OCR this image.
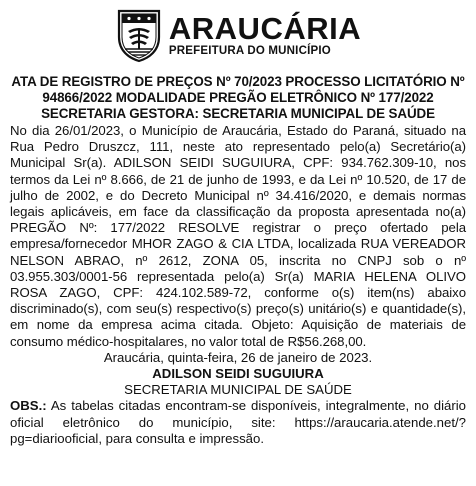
ARAUCÁRIA
PREFEITURA DO MUNICÍPIO

ATA DE REGISTRO DE PREÇOS Nº 70/2023 PROCESSO LICITATÓRIO Nº 94866/2022 MODALIDADE PREGÃO ELETRÔNICO Nº 177/2022 SECRETARIA GESTORA: SECRETARIA MUNICIPAL DE SAÚDE

No dia 26/01/2023, o Município de Araucária, Estado do Paraná, situado na Rua Pedro Druszcz, 111, neste ato representado pelo(a) Secretário(a) Municipal Sr(a). ADILSON SEIDI SUGUIURA, CPF: 934.762.309-10, nos termos da Lei nº 8.666, de 21 de junho de 1993, e da Lei nº 10.520, de 17 de julho de 2002, e do Decreto Municipal nº 34.416/2020, e demais normas legais aplicáveis, em face da classificação da proposta apresentada no(a) PREGÃO Nº: 177/2022 RESOLVE registrar o preço ofertado pela empresa/fornecedor MHOR ZAGO & CIA LTDA, localizada RUA VEREADOR NELSON ABRAO, nº 2612, ZONA 05, inscrita no CNPJ sob o nº 03.955.303/0001-56 representada pelo(a) Sr(a) MARIA HELENA OLIVO ROSA ZAGO, CPF: 424.102.589-72, conforme o(s) item(ns) abaixo discriminado(s), com seu(s) respectivo(s) preço(s) unitário(s) e quantidade(s), em nome da empresa acima citada. Objeto: Aquisição de materiais de consumo médico-hospitalares, no valor total de R$56.268,00.

Araucária, quinta-feira, 26 de janeiro de 2023.

ADILSON SEIDI SUGUIURA

SECRETARIA MUNICIPAL DE SAÚDE

OBS.: As tabelas citadas encontram-se disponíveis, integralmente, no diário oficial eletrônico do município, site: https://araucaria.atende.net/?pg=diariooficial, para consulta e impressão.
